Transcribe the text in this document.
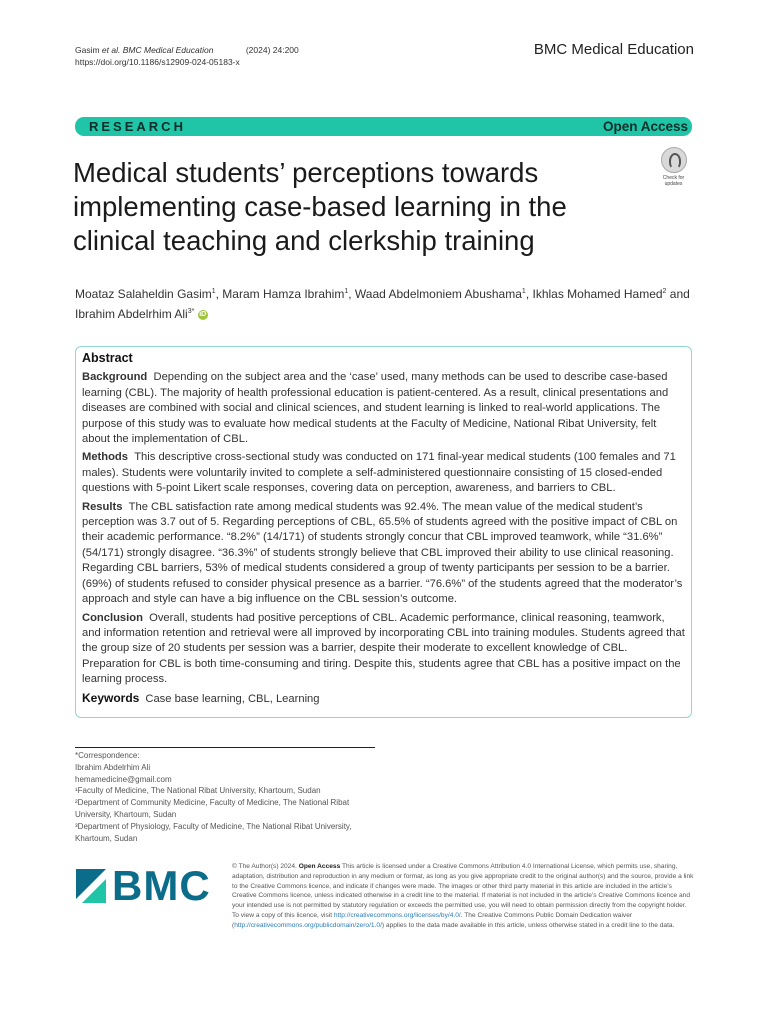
Gasim et al. BMC Medical Education	(2024) 24:200
https://doi.org/10.1186/s12909-024-05183-x
BMC Medical Education
RESEARCH	Open Access
Medical students’ perceptions towards implementing case-based learning in the clinical teaching and clerkship training
Check for updates
Moataz Salaheldin Gasim$^1$, Maram Hamza Ibrahim$^1$, Waad Abdelmoniem Abushama$^1$, Ikhlas Mohamed Hamed$^2$ and
Ibrahim Abdelrhim Ali$^{3*}$ iD
Abstract

Background Depending on the subject area and the ‘case’ used, many methods can be used to describe case-based learning (CBL). The majority of health professional education is patient-centered. As a result, clinical presentations and diseases are combined with social and clinical sciences, and student learning is linked to real-world applications. The purpose of this study was to evaluate how medical students at the Faculty of Medicine, National Ribat University, felt about the implementation of CBL.

Methods This descriptive cross-sectional study was conducted on 171 final-year medical students (100 females and 71 males). Students were voluntarily invited to complete a self-administered questionnaire consisting of 15 closed-ended questions with 5-point Likert scale responses, covering data on perception, awareness, and barriers to CBL.

Results The CBL satisfaction rate among medical students was 92.4%. The mean value of the medical student’s perception was 3.7 out of 5. Regarding perceptions of CBL, 65.5% of students agreed with the positive impact of CBL on their academic performance. “8.2%” (14/171) of students strongly concur that CBL improved teamwork, while “31.6%” (54/171) strongly disagree. “36.3%” of students strongly believe that CBL improved their ability to use clinical reasoning. Regarding CBL barriers, 53% of medical students considered a group of twenty participants per session to be a barrier. (69%) of students refused to consider physical presence as a barrier. “76.6%” of the students agreed that the moderator’s approach and style can have a big influence on the CBL session’s outcome.

Conclusion Overall, students had positive perceptions of CBL. Academic performance, clinical reasoning, teamwork, and information retention and retrieval were all improved by incorporating CBL into training modules. Students agreed that the group size of 20 students per session was a barrier, despite their moderate to excellent knowledge of CBL. Preparation for CBL is both time-consuming and tiring. Despite this, students agree that CBL has a positive impact on the learning process.

Keywords Case base learning, CBL, Learning

*Correspondence:
Ibrahim Abdelrhim Ali
hemamedicine@gmail.com
¹Faculty of Medicine, The National Ribat University, Khartoum, Sudan
²Department of Community Medicine, Faculty of Medicine, The National Ribat University, Khartoum, Sudan
³Department of Physiology, Faculty of Medicine, The National Ribat University, Khartoum, Sudan
BMC	© The Author(s) 2024. Open Access This article is licensed under a Creative Commons Attribution 4.0 International License, which permits use, sharing, adaptation, distribution and reproduction in any medium or format, as long as you give appropriate credit to the original author(s) and the source, provide a link to the Creative Commons licence, and indicate if changes were made. The images or other third party material in this article are included in the article’s Creative Commons licence, unless indicated otherwise in a credit line to the material. If material is not included in the article’s Creative Commons licence and your intended use is not permitted by statutory regulation or exceeds the permitted use, you will need to obtain permission directly from the copyright holder. To view a copy of this licence, visit http://creativecommons.org/licenses/by/4.0/. The Creative Commons Public Domain Dedication waiver (http://creativecommons.org/publicdomain/zero/1.0/) applies to the data made available in this article, unless otherwise stated in a credit line to the data.
